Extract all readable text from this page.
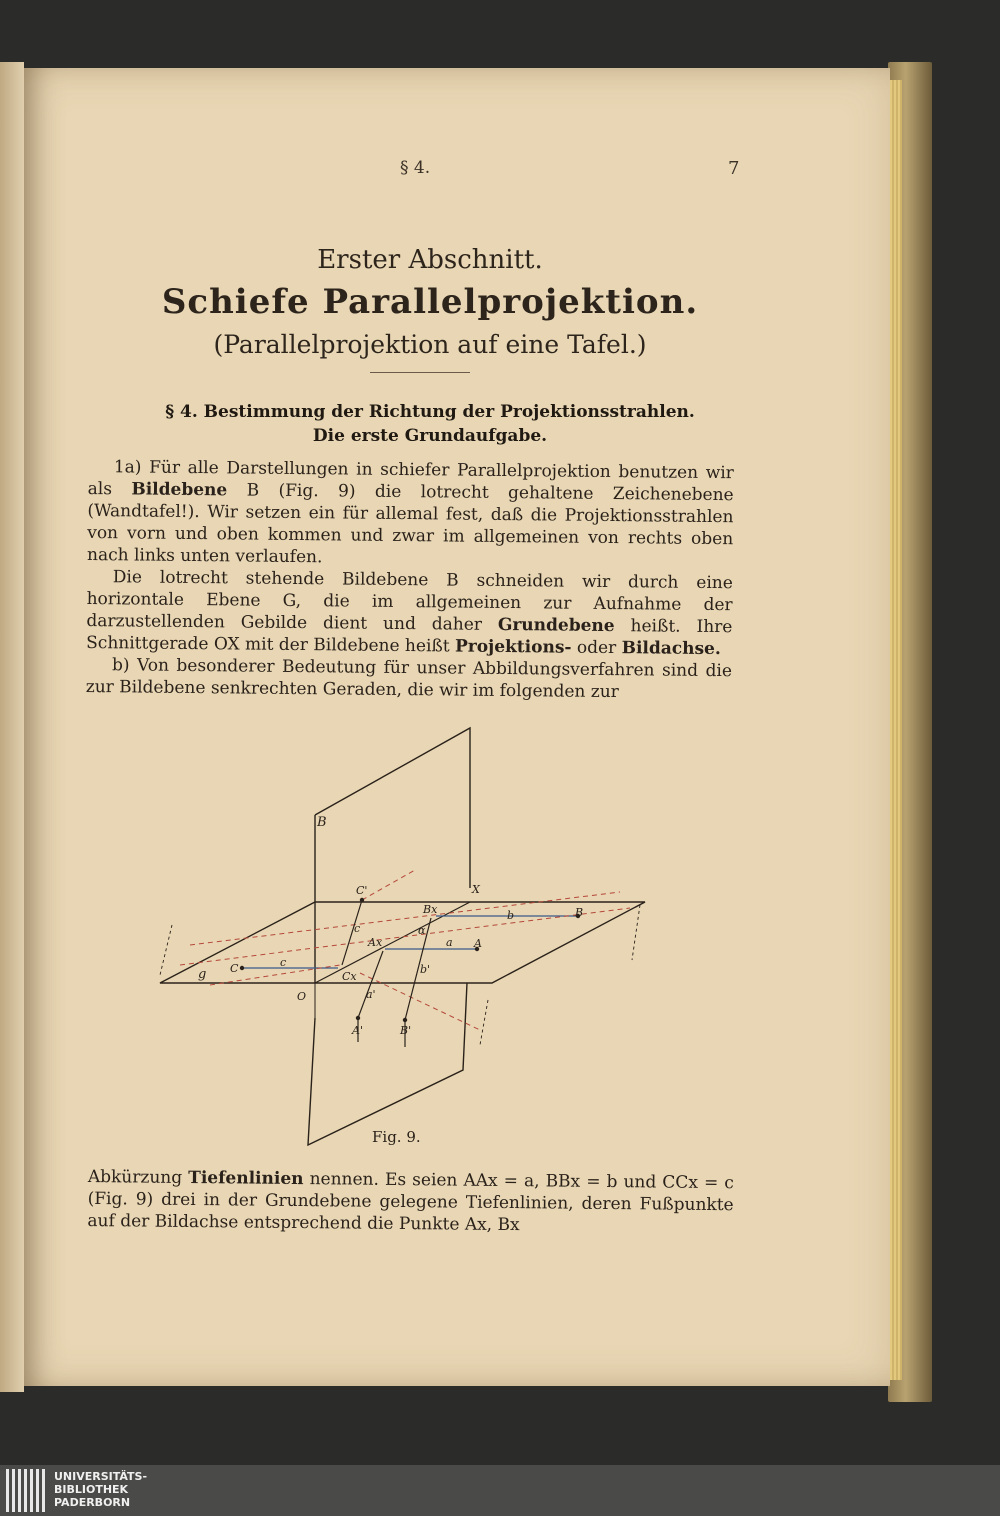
§ 4.	7
Erster Abschnitt.
Schiefe Parallelprojektion.
(Parallelprojektion auf eine Tafel.)
§ 4. Bestimmung der Richtung der Projektionsstrahlen.
Die erste Grundaufgabe.

1a) Für alle Darstellungen in schiefer Parallelprojektion benutzen wir als Bildebene B (Fig. 9) die lotrecht gehaltene Zeichenebene (Wandtafel!). Wir setzen ein für allemal fest, daß die Projektionsstrahlen von vorn und oben kommen und zwar im allgemeinen von rechts oben nach links unten verlaufen.

Die lotrecht stehende Bildebene B schneiden wir durch eine horizontale Ebene G, die im allgemeinen zur Aufnahme der darzustellenden Gebilde dient und daher Grundebene heißt. Ihre Schnittgerade OX mit der Bildebene heißt Projektions- oder Bildachse.

b) Von besonderer Bedeutung für unser Abbildungsverfahren sind die zur Bildebene senkrechten Geraden, die wir im folgenden zur

B
X
O
g
C'
c
C	c
Cx
Bx	b	B
α
Ax	a A
b'
a'
A'	B'
Fig. 9.

Abkürzung Tiefenlinien nennen. Es seien AAx = a, BBx = b und CCx = c (Fig. 9) drei in der Grundebene gelegene Tiefenlinien, deren Fußpunkte auf der Bildachse entsprechend die Punkte Ax, Bx

UNIVERSITÄTS-
BIBLIOTHEK
PADERBORN
